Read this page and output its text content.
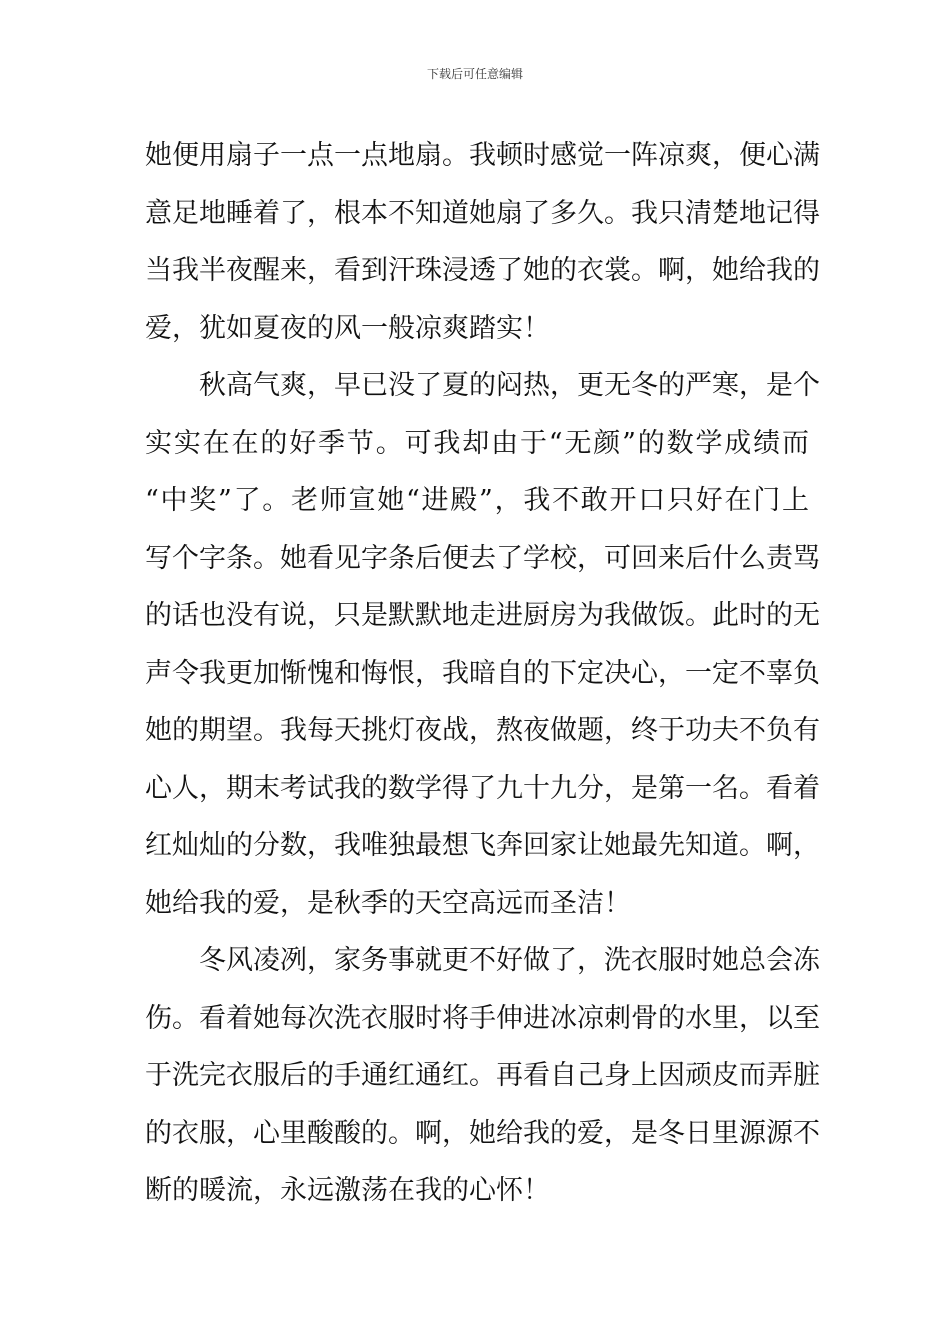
下载后可任意编辑
她便用扇子一点一点地扇。我顿时感觉一阵凉爽，便心满
意足地睡着了，根本不知道她扇了多久。我只清楚地记得
当我半夜醒来，看到汗珠浸透了她的衣裳。啊，她给我的
爱，犹如夏夜的风一般凉爽踏实！
秋高气爽，早已没了夏的闷热，更无冬的严寒，是个
实实在在的好季节。可我却由于“无颜”的数学成绩而
“中奖”了。老师宣她“进殿”，我不敢开口只好在门上
写个字条。她看见字条后便去了学校，可回来后什么责骂
的话也没有说，只是默默地走进厨房为我做饭。此时的无
声令我更加惭愧和悔恨，我暗自的下定决心，一定不辜负
她的期望。我每天挑灯夜战，熬夜做题，终于功夫不负有
心人，期末考试我的数学得了九十九分，是第一名。看着
红灿灿的分数，我唯独最想飞奔回家让她最先知道。啊，
她给我的爱，是秋季的天空高远而圣洁！
冬风凌冽，家务事就更不好做了，洗衣服时她总会冻
伤。看着她每次洗衣服时将手伸进冰凉刺骨的水里，以至
于洗完衣服后的手通红通红。再看自己身上因顽皮而弄脏
的衣服，心里酸酸的。啊，她给我的爱，是冬日里源源不
断的暖流，永远激荡在我的心怀！
